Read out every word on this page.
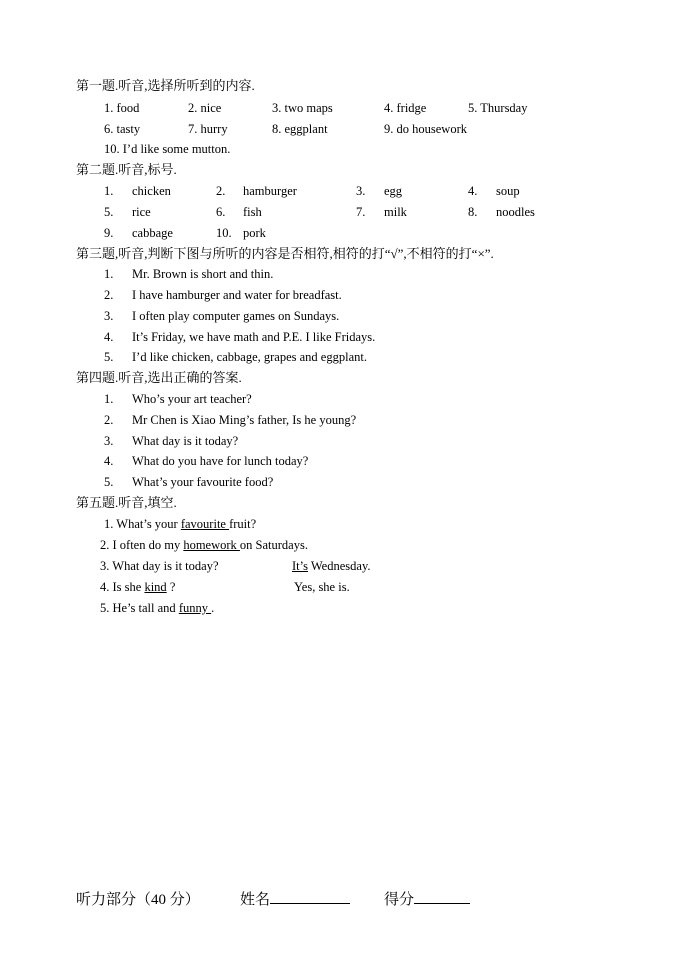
第一题.听音,选择所听到的内容.
1. food	2. nice	3. two maps	4. fridge	5. Thursday
6. tasty	7. hurry	8. eggplant	9. do housework
10. I’d like some mutton.
第二题.听音,标号.
1. chicken	2. hamburger	3. egg	4. soup
5. rice	6. fish	7. milk	8. noodles
9. cabbage	10. pork
第三题,听音,判断下图与所听的内容是否相符,相符的打“√”,不相符的打“×”.
1. Mr. Brown is short and thin.
2. I have hamburger and water for breadfast.
3. I often play computer games on Sundays.
4. It’s Friday, we have math and P.E. I like Fridays.
5. I’d like chicken, cabbage, grapes and eggplant.
第四题.听音,选出正确的答案.
1. Who’s your art teacher?
2. Mr Chen is Xiao Ming’s father, Is he young?
3. What day is it today?
4. What do you have for lunch today?
5. What’s your favourite food?
第五题.听音,填空.
1. What’s your favourite fruit?
2. I often do my homework on Saturdays.
3. What day is it today?	It’s Wednesday.
4. Is she kind ?	Yes, she is.
5. He’s tall and funny .
听力部分（40 分）	姓名	得分
